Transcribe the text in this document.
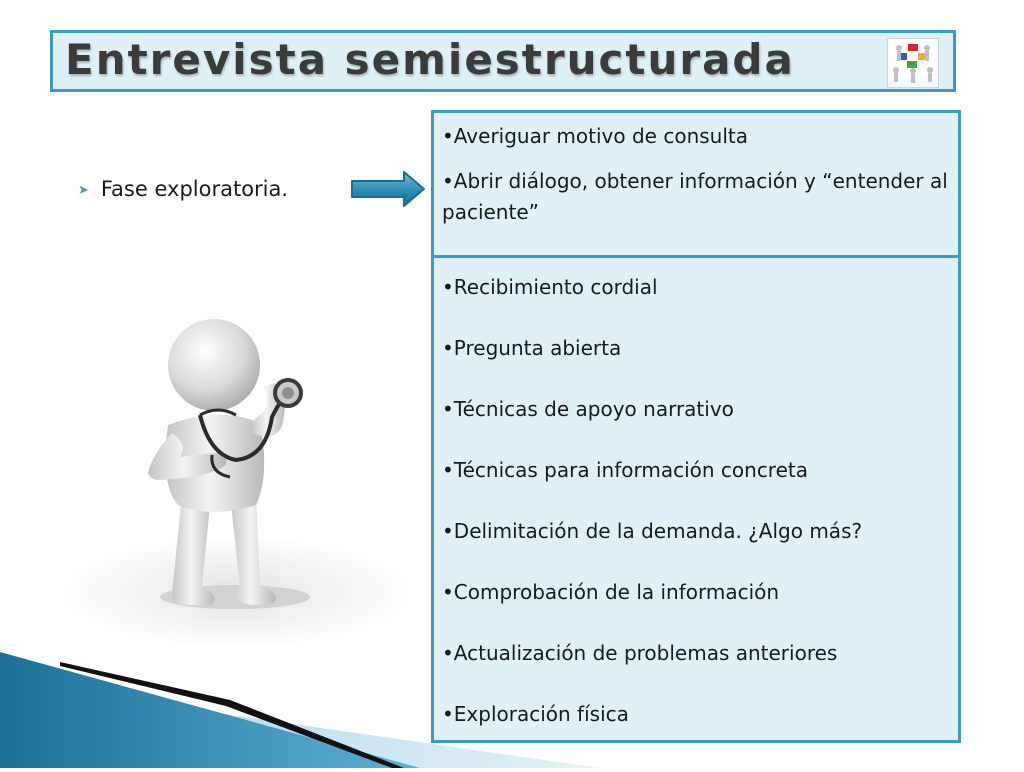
Entrevista semiestructurada
➤ Fase exploratoria.
•Averiguar motivo de consulta
•Abrir diálogo, obtener información y “entender al paciente”
•Recibimiento cordial
•Pregunta abierta
•Técnicas de apoyo narrativo
•Técnicas para información concreta
•Delimitación de la demanda. ¿Algo más?
•Comprobación de la información
•Actualización de problemas anteriores
•Exploración física
